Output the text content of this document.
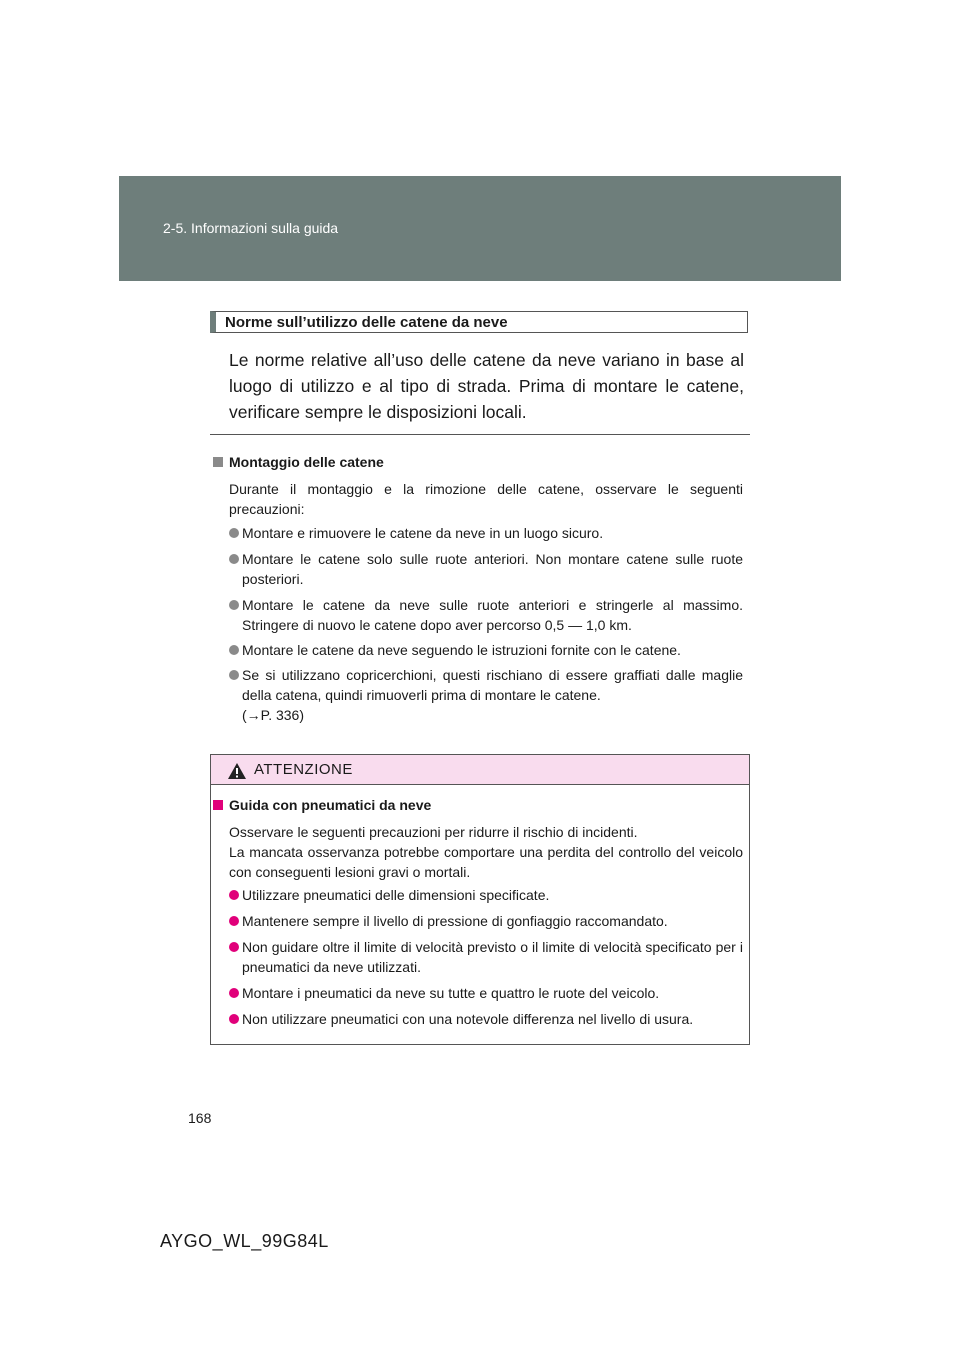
2-5. Informazioni sulla guida
Norme sull’utilizzo delle catene da neve
Le norme relative all’uso delle catene da neve variano in base al luogo di utilizzo e al tipo di strada. Prima di montare le catene, verificare sempre le disposizioni locali.
Montaggio delle catene
Durante il montaggio e la rimozione delle catene, osservare le seguenti precauzioni:
Montare e rimuovere le catene da neve in un luogo sicuro.
Montare le catene solo sulle ruote anteriori. Non montare catene sulle ruote posteriori.
Montare le catene da neve sulle ruote anteriori e stringerle al massimo. Stringere di nuovo le catene dopo aver percorso 0,5 — 1,0 km.
Montare le catene da neve seguendo le istruzioni fornite con le catene.
Se si utilizzano copricerchioni, questi rischiano di essere graffiati dalle maglie della catena, quindi rimuoverli prima di montare le catene.
(→P. 336)
ATTENZIONE
Guida con pneumatici da neve
Osservare le seguenti precauzioni per ridurre il rischio di incidenti.
La mancata osservanza potrebbe comportare una perdita del controllo del veicolo con conseguenti lesioni gravi o mortali.
Utilizzare pneumatici delle dimensioni specificate.
Mantenere sempre il livello di pressione di gonfiaggio raccomandato.
Non guidare oltre il limite di velocità previsto o il limite di velocità specificato per i pneumatici da neve utilizzati.
Montare i pneumatici da neve su tutte e quattro le ruote del veicolo.
Non utilizzare pneumatici con una notevole differenza nel livello di usura.
168
AYGO_WL_99G84L
